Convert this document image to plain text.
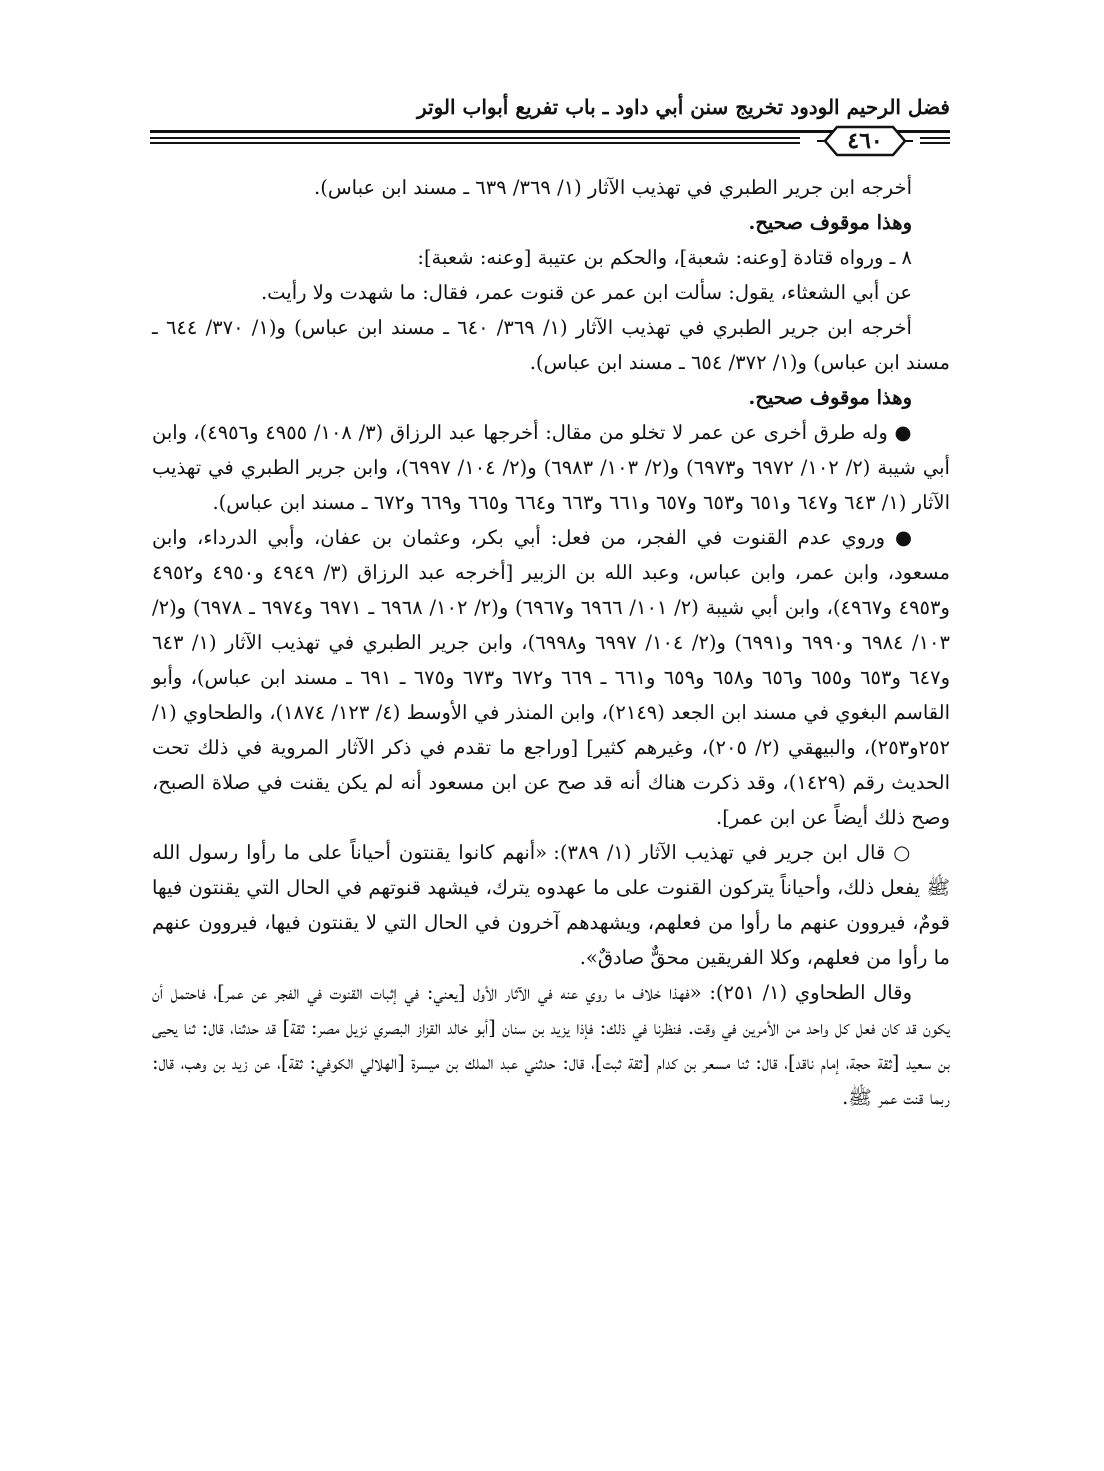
فضل الرحيم الودود تخريج سنن أبي داود ـ باب تفريع أبواب الوتر
٤٦٠

أخرجه ابن جرير الطبري في تهذيب الآثار (١/ ٣٦٩/ ٦٣٩ ـ مسند ابن عباس).

وهذا موقوف صحيح.

٨ ـ ورواه قتادة [وعنه: شعبة]، والحكم بن عتيبة [وعنه: شعبة]:

عن أبي الشعثاء، يقول: سألت ابن عمر عن قنوت عمر، فقال: ما شهدت ولا رأيت.

أخرجه ابن جرير الطبري في تهذيب الآثار (١/ ٣٦٩/ ٦٤٠ ـ مسند ابن عباس) و(١/ ٣٧٠/ ٦٤٤ ـ مسند ابن عباس) و(١/ ٣٧٢/ ٦٥٤ ـ مسند ابن عباس).

وهذا موقوف صحيح.

● وله طرق أخرى عن عمر لا تخلو من مقال: أخرجها عبد الرزاق (٣/ ١٠٨/ ٤٩٥٥ و٤٩٥٦)، وابن أبي شيبة (٢/ ١٠٢/ ٦٩٧٢ و٦٩٧٣) و(٢/ ١٠٣/ ٦٩٨٣) و(٢/ ١٠٤/ ٦٩٩٧)، وابن جرير الطبري في تهذيب الآثار (١/ ٦٤٣ و٦٤٧ و٦٥١ و٦٥٣ و٦٥٧ و٦٦١ و٦٦٣ و٦٦٤ و٦٦٥ و٦٦٩ و٦٧٢ ـ مسند ابن عباس).

● وروي عدم القنوت في الفجر، من فعل: أبي بكر، وعثمان بن عفان، وأبي الدرداء، وابن مسعود، وابن عمر، وابن عباس، وعبد الله بن الزبير [أخرجه عبد الرزاق (٣/ ٤٩٤٩ و٤٩٥٠ و٤٩٥٢ و٤٩٥٣ و٤٩٦٧)، وابن أبي شيبة (٢/ ١٠١/ ٦٩٦٦ و٦٩٦٧) و(٢/ ١٠٢/ ٦٩٦٨ ـ ٦٩٧١ و٦٩٧٤ ـ ٦٩٧٨) و(٢/ ١٠٣/ ٦٩٨٤ و٦٩٩٠ و٦٩٩١) و(٢/ ١٠٤/ ٦٩٩٧ و٦٩٩٨)، وابن جرير الطبري في تهذيب الآثار (١/ ٦٤٣ و٦٤٧ و٦٥٣ و٦٥٥ و٦٥٦ و٦٥٨ و٦٥٩ و٦٦١ ـ ٦٦٩ و٦٧٢ و٦٧٣ و٦٧٥ ـ ٦٩١ ـ مسند ابن عباس)، وأبو القاسم البغوي في مسند ابن الجعد (٢١٤٩)، وابن المنذر في الأوسط (٤/ ١٢٣/ ١٨٧٤)، والطحاوي (١/ ٢٥٢و٢٥٣)، والبيهقي (٢/ ٢٠٥)، وغيرهم كثير] [وراجع ما تقدم في ذكر الآثار المروية في ذلك تحت الحديث رقم (١٤٢٩)، وقد ذكرت هناك أنه قد صح عن ابن مسعود أنه لم يكن يقنت في صلاة الصبح، وصح ذلك أيضاً عن ابن عمر].

○ قال ابن جرير في تهذيب الآثار (١/ ٣٨٩): «أنهم كانوا يقنتون أحياناً على ما رأوا رسول الله ﷺ يفعل ذلك، وأحياناً يتركون القنوت على ما عهدوه يترك، فيشهد قنوتهم في الحال التي يقنتون فيها قومٌ، فيروون عنهم ما رأوا من فعلهم، ويشهدهم آخرون في الحال التي لا يقنتون فيها، فيروون عنهم ما رأوا من فعلهم، وكلا الفريقين محقٌّ صادقٌ».

وقال الطحاوي (١/ ٢٥١): «فهذا خلاف ما روي عنه في الآثار الأول [يعني: في إثبات القنوت في الفجر عن عمر]، فاحتمل أن يكون قد كان فعل كل واحد من الأمرين في وقت. فنظرنا في ذلك: فإذا يزيد بن سنان [أبو خالد القزاز البصري نزيل مصر: ثقة] قد حدثنا، قال: ثنا يحيى بن سعيد [ثقة حجة، إمام ناقد]، قال: ثنا مسعر بن كدام [ثقة ثبت]، قال: حدثني عبد الملك بن ميسرة [الهلالي الكوفي: ثقة]، عن زيد بن وهب، قال: ربما قنت عمر ﷺ.
